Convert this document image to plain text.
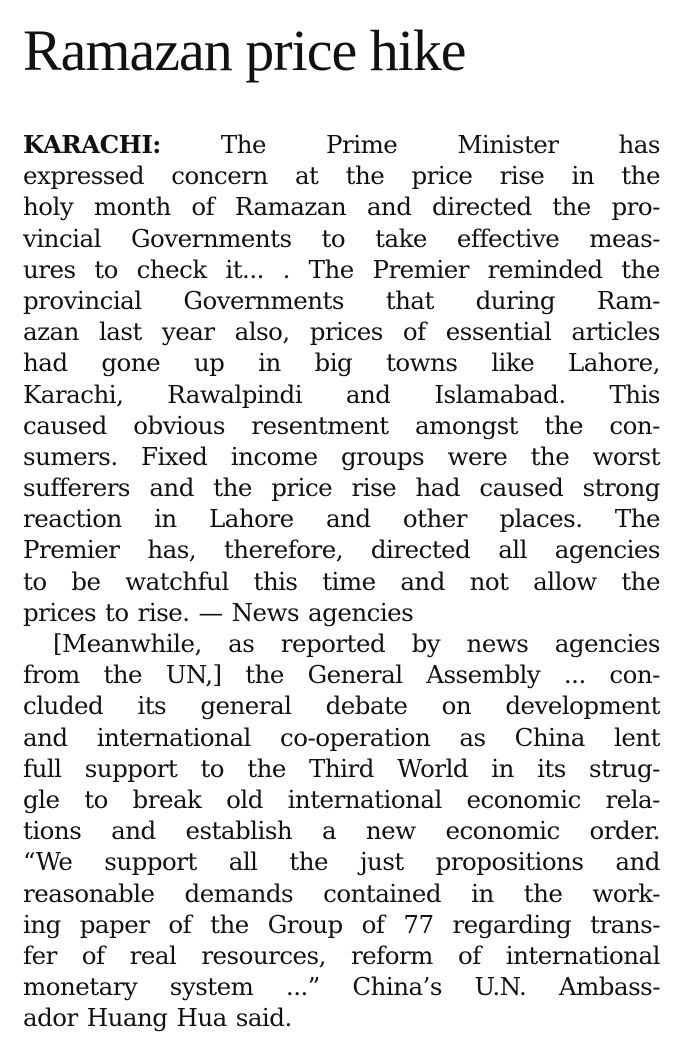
Ramazan price hike
KARACHI: The Prime Minister has
expressed concern at the price rise in the
holy month of Ramazan and directed the pro-
vincial Governments to take effective meas-
ures to check it... . The Premier reminded the
provincial Governments that during Ram-
azan last year also, prices of essential articles
had gone up in big towns like Lahore,
Karachi, Rawalpindi and Islamabad. This
caused obvious resentment amongst the con-
sumers. Fixed income groups were the worst
sufferers and the price rise had caused strong
reaction in Lahore and other places. The
Premier has, therefore, directed all agencies
to be watchful this time and not allow the
prices to rise. — News agencies
[Meanwhile, as reported by news agencies
from the UN,] the General Assembly ... con-
cluded its general debate on development
and international co-operation as China lent
full support to the Third World in its strug-
gle to break old international economic rela-
tions and establish a new economic order.
“We support all the just propositions and
reasonable demands contained in the work-
ing paper of the Group of 77 regarding trans-
fer of real resources, reform of international
monetary system ...” China’s U.N. Ambass-
ador Huang Hua said.
